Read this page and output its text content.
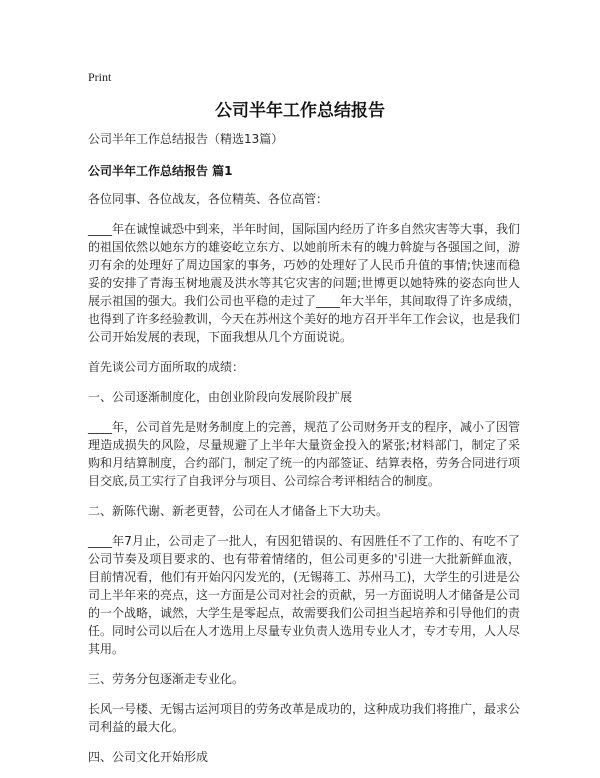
Print
公司半年工作总结报告

公司半年工作总结报告（精选13篇）

公司半年工作总结报告 篇1

各位同事、各位战友，各位精英、各位高管：

____年在诚惶诚恐中到来，半年时间，国际国内经历了许多自然灾害等大事，我们的祖国依然以她东方的雄姿屹立东方、以她前所未有的魄力斡旋与各强国之间，游刃有余的处理好了周边国家的事务，巧妙的处理好了人民币升值的事情;快速而稳妥的安排了青海玉树地震及洪水等其它灾害的问题;世博更以她特殊的姿态向世人展示祖国的强大。我们公司也平稳的走过了____年大半年，其间取得了许多成绩，也得到了许多经验教训，今天在苏州这个美好的地方召开半年工作会议，也是我们公司开始发展的表现，下面我想从几个方面说说。

首先谈公司方面所取的成绩：

一、公司逐渐制度化，由创业阶段向发展阶段扩展

____年，公司首先是财务制度上的完善，规范了公司财务开支的程序，减小了因管理造成损失的风险，尽量规避了上半年大量资金投入的紧张;材料部门，制定了采购和月结算制度，合约部门，制定了统一的内部签证、结算表格，劳务合同进行项目交底,员工实行了自我评分与项目、公司综合考评相结合的制度。

二、新陈代谢、新老更替，公司在人才储备上下大功夫。

____年7月止，公司走了一批人，有因犯错误的、有因胜任不了工作的、有吃不了公司节奏及项目要求的、也有带着情绪的，但公司更多的'引进一大批新鲜血液，目前情况看，他们有开始闪闪发光的，(无锡蒋工、苏州马工)，大学生的引进是公司上半年来的亮点，这一方面是公司对社会的贡献，另一方面说明人才储备是公司的一个战略，诚然，大学生是零起点，故需要我们公司担当起培养和引导他们的责任。同时公司以后在人才选用上尽量专业负责人选用专业人才，专才专用，人人尽其用。

三、劳务分包逐渐走专业化。

长风一号楼、无锡古运河项目的劳务改革是成功的，这种成功我们将推广，最求公司利益的最大化。

四、公司文化开始形成
